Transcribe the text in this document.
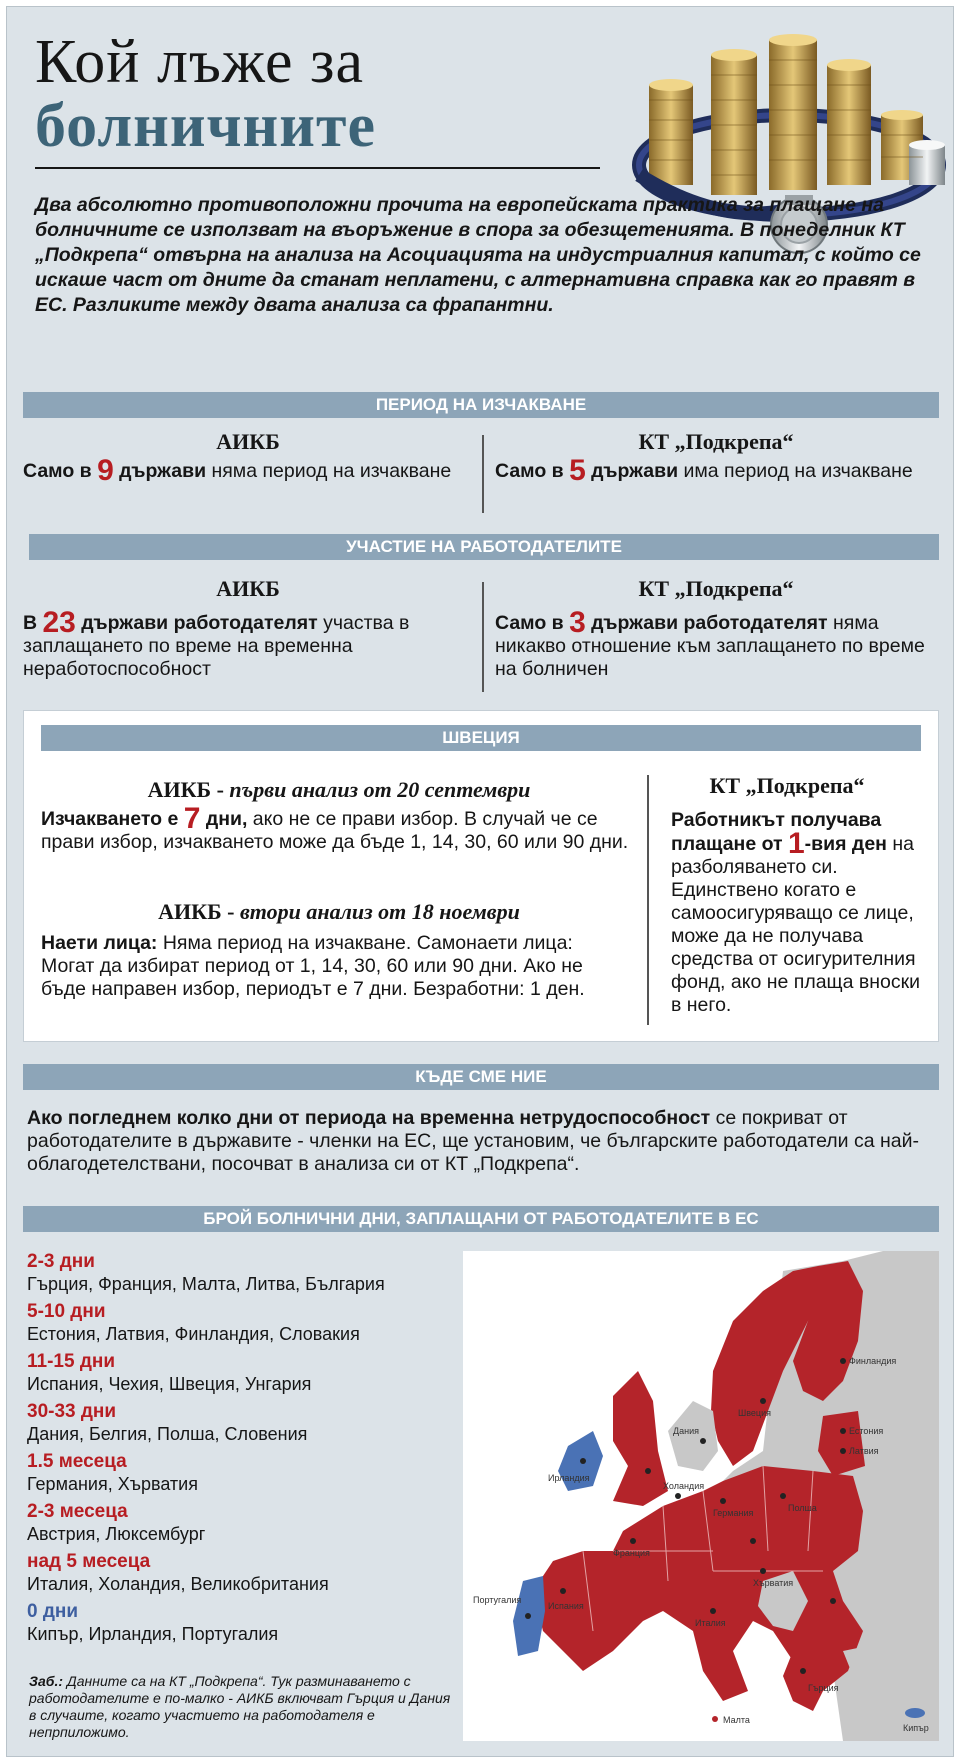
Кой лъже за
болничните
Два абсолютно противоположни прочита на европейската практика за плащане на болничните се използват на въоръжение в спора за обезщетенията. В понеделник КТ „Подкрепа“ отвърна на анализа на Асоциацията на индустриалния капитал, с който се искаше част от дните да станат неплатени, с алтернативна справка как го правят в ЕС. Разликите между двата анализа са фрапантни.
ПЕРИОД НА ИЗЧАКВАНЕ
АИКБ	КТ „Подкрепа“
Само в 9 държави няма период на изчакване	Само в 5 държави има период на изчакване
УЧАСТИЕ НА РАБОТОДАТЕЛИТЕ
АИКБ	КТ „Подкрепа“
В 23 държави работодателят участва в заплащането по време на временна неработоспособност
Само в 3 държави работодателят няма никакво отношение към заплащането по време на болничен
ШВЕЦИЯ
АИКБ - първи анализ от 20 септември
Изчакването е 7 дни, ако не се прави избор. В случай че се прави избор, изчакването може да бъде 1, 14, 30, 60 или 90 дни.
АИКБ - втори анализ от 18 ноември
Наети лица: Няма период на изчакване. Самонаети лица: Могат да избират период от 1, 14, 30, 60 или 90 дни. Ако не бъде направен избор, периодът е 7 дни. Безработни: 1 ден.
КТ „Подкрепа“
Работникът получава плащане от 1-вия ден на разболяването си. Единствено когато е самоосигуряващо се лице, може да не получава средства от осигурителния фонд, ако не плаща вноски в него.
КЪДЕ СМЕ НИЕ
Ако погледнем колко дни от периода на временна нетрудоспособност се покриват от работодателите в държавите - членки на ЕС, ще установим, че българските работодатели са най-облагодетелствани, посочват в анализа си от КТ „Подкрепа“.
БРОЙ БОЛНИЧНИ ДНИ, ЗАПЛАЩАНИ ОТ РАБОТОДАТЕЛИТЕ В ЕС
2-3 дни
Гърция, Франция, Малта, Литва, България
5-10 дни
Естония, Латвия, Финландия, Словакия
11-15 дни
Испания, Чехия, Швеция, Унгария
30-33 дни
Дания, Белгия, Полша, Словения
1.5 месеца
Германия, Хърватия
2-3 месеца
Австрия, Люксембург
над 5 месеца
Италия, Холандия, Великобритания
0 дни
Кипър, Ирландия, Португалия
Заб.: Данните са на КТ „Подкрепа“. Тук разминаването с работодателите е по-малко - АИКБ включват Гърция и Дания в случаите, когато участието на работодателя е непрпиложимо.
Финландия
Естония
Латвия
Швеция
Дания
Ирландия
Холандия
Германия	Полша
Франция
Португалия
Испания
Италия
Хърватия
Малта
Кипър
Гърция
